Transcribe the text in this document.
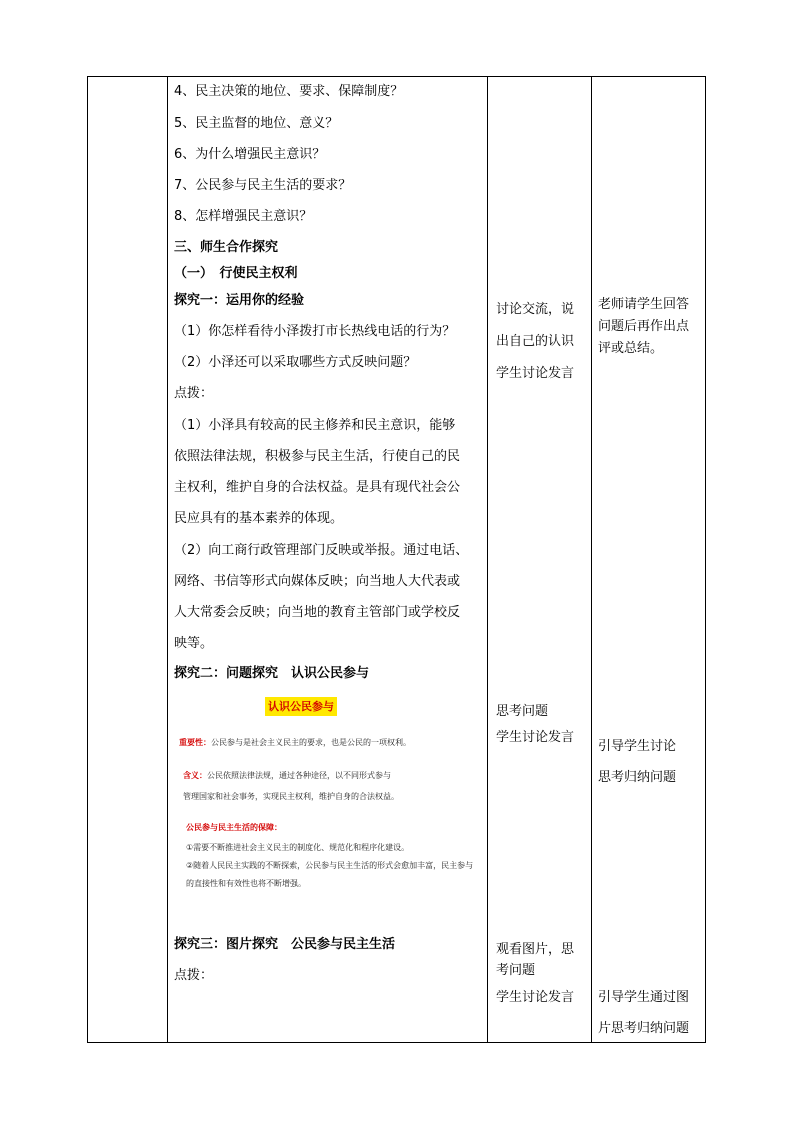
4、民主决策的地位、要求、保障制度？
5、民主监督的地位、意义？
6、为什么增强民主意识？
7、公民参与民主生活的要求？
8、怎样增强民主意识？
三、师生合作探究
（一）　行使民主权利
探究一：运用你的经验
（1）你怎样看待小泽拨打市长热线电话的行为？
（2）小泽还可以采取哪些方式反映问题？
点拨：
（1）小泽具有较高的民主修养和民主意识，能够
依照法律法规，积极参与民主生活，行使自己的民
主权利，维护自身的合法权益。是具有现代社会公
民应具有的基本素养的体现。
（2）向工商行政管理部门反映或举报。通过电话、
网络、书信等形式向媒体反映；向当地人大代表或
人大常委会反映；向当地的教育主管部门或学校反
映等。
探究二：问题探究　认识公民参与
认识公民参与
重要性：公民参与是社会主义民主的要求，也是公民的一项权利。
含义：公民依照法律法规，通过各种途径，以不同形式参与
管理国家和社会事务，实现民主权利，维护自身的合法权益。
公民参与民主生活的保障：
①需要不断推进社会主义民主的制度化、规范化和程序化建设。
②随着人民民主实践的不断探索，公民参与民主生活的形式会愈加丰富，民主参与
的直接性和有效性也将不断增强。
探究三：图片探究　公民参与民主生活
点拨：
讨论交流，说
出自己的认识
学生讨论发言
思考问题
学生讨论发言
观看图片，思
考问题
学生讨论发言
老师请学生回答
问题后再作出点
评或总结。
引导学生讨论
思考归纳问题
引导学生通过图
片思考归纳问题
